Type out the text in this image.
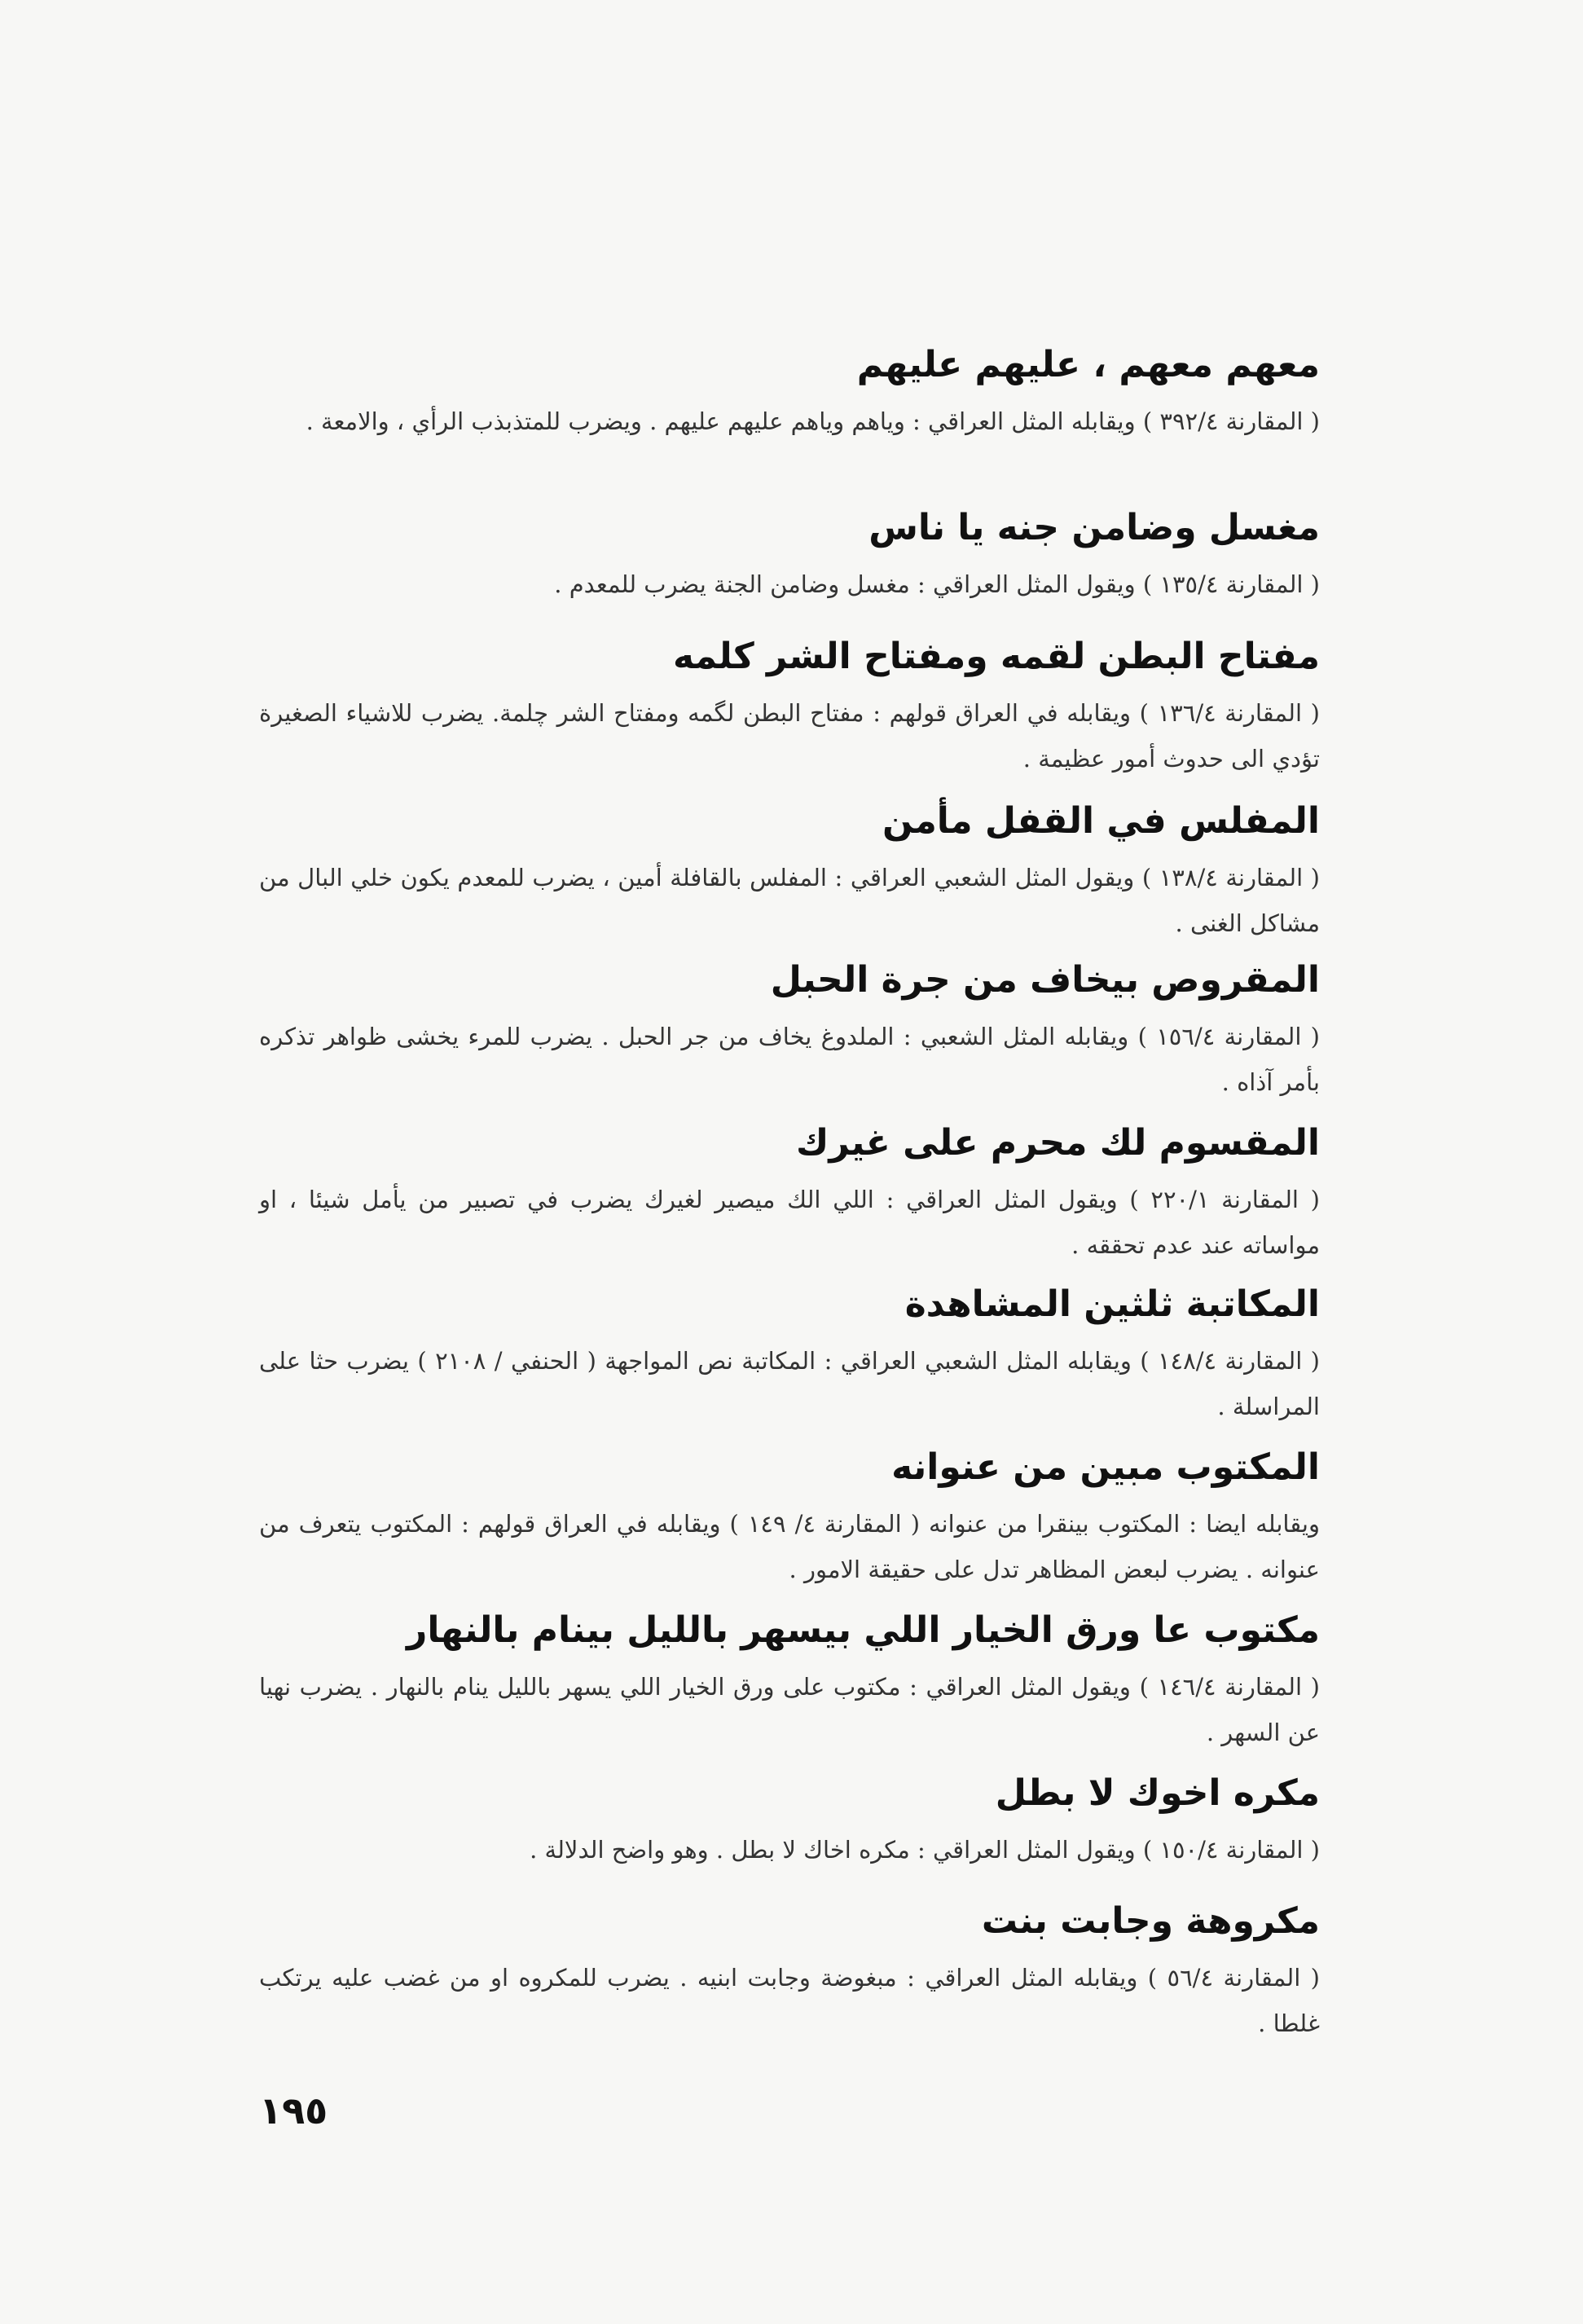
معهم معهم ، عليهم عليهم

( المقارنة ٣٩٢/٤ ) ويقابله المثل العراقي : وياهم وياهم عليهم عليهم . ويضرب للمتذبذب الرأي ، والامعة .

مغسل وضامن جنه يا ناس

( المقارنة ١٣٥/٤ ) ويقول المثل العراقي : مغسل وضامن الجنة يضرب للمعدم .

مفتاح البطن لقمه ومفتاح الشر كلمه

( المقارنة ١٣٦/٤ ) ويقابله في العراق قولهم : مفتاح البطن لگمه ومفتاح الشر چلمة. يضرب للاشياء الصغيرة تؤدي الى حدوث أمور عظيمة .

المفلس في القفل مأمن

( المقارنة ١٣٨/٤ ) ويقول المثل الشعبي العراقي : المفلس بالقافلة أمين ، يضرب للمعدم يكون خلي البال من مشاكل الغنى .

المقروص بيخاف من جرة الحبل

( المقارنة ١٥٦/٤ ) ويقابله المثل الشعبي : الملدوغ يخاف من جر الحبل . يضرب للمرء يخشى ظواهر تذكره بأمر آذاه .

المقسوم لك محرم على غيرك

( المقارنة ٢٢٠/١ ) ويقول المثل العراقي : اللي الك ميصير لغيرك يضرب في تصبير من يأمل شيئا ، او مواساته عند عدم تحققه .

المكاتبة ثلثين المشاهدة

( المقارنة ١٤٨/٤ ) ويقابله المثل الشعبي العراقي : المكاتبة نص المواجهة ( الحنفي / ٢١٠٨ ) يضرب حثا على المراسلة .

المكتوب مبين من عنوانه

ويقابله ايضا : المكتوب بينقرا من عنوانه ( المقارنة ٤/ ١٤٩ ) ويقابله في العراق قولهم : المكتوب يتعرف من عنوانه . يضرب لبعض المظاهر تدل على حقيقة الامور .

مكتوب عا ورق الخيار اللي بيسهر بالليل بينام بالنهار

( المقارنة ١٤٦/٤ ) ويقول المثل العراقي : مكتوب على ورق الخيار اللي يسهر بالليل ينام بالنهار . يضرب نهيا عن السهر .

مكره اخوك لا بطل

( المقارنة ١٥٠/٤ ) ويقول المثل العراقي : مكره اخاك لا بطل . وهو واضح الدلالة .

مكروهة وجابت بنت

( المقارنة ٥٦/٤ ) ويقابله المثل العراقي : مبغوضة وجابت ابنيه . يضرب للمكروه او من غضب عليه يرتكب غلطا .

١٩٥
